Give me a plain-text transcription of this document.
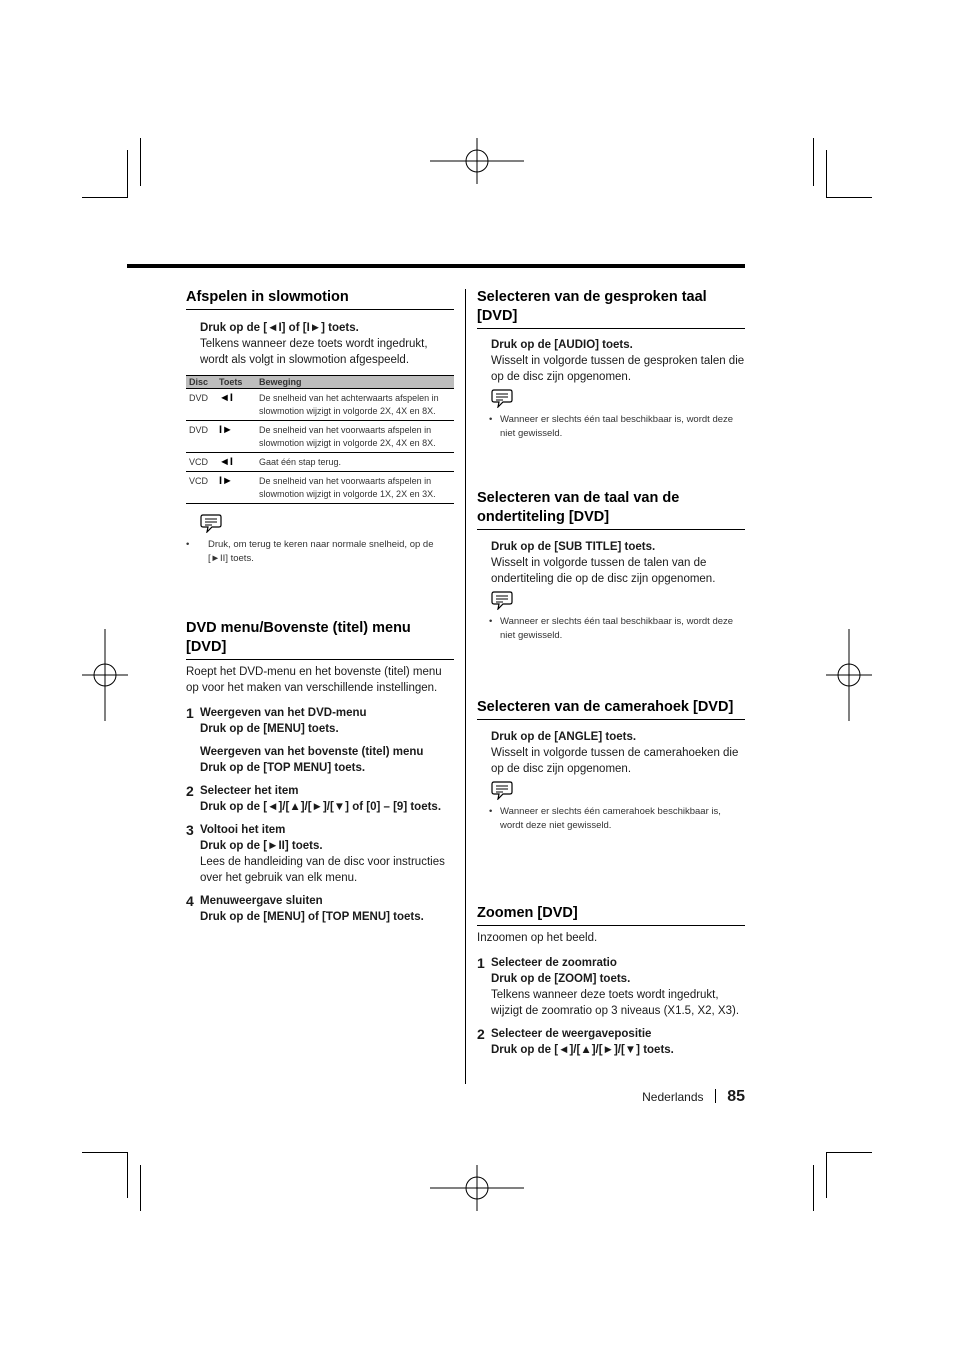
Afspelen in slowmotion
Druk op de [◄I] of [I►] toets.
Telkens wanneer deze toets wordt ingedrukt, wordt als volgt in slowmotion afgespeeld.
Disc	Toets	Beweging
DVD	◄I	De snelheid van het achterwaarts afspelen in slowmotion wijzigt in volgorde 2X, 4X en 8X.
DVD	I►	De snelheid van het voorwaarts afspelen in slowmotion wijzigt in volgorde 2X, 4X en 8X.
VCD	◄I	Gaat één stap terug.
VCD	I►	De snelheid van het voorwaarts afspelen in slowmotion wijzigt in volgorde 1X, 2X en 3X.
•	Druk, om terug te keren naar normale snelheid, op de [►II] toets.
DVD menu/Bovenste (titel) menu [DVD]
Roept het DVD-menu en het bovenste (titel) menu op voor het maken van verschillende instellingen.
1 Weergeven van het DVD-menu
Druk op de [MENU] toets.
Weergeven van het bovenste (titel) menu
Druk op de [TOP MENU] toets.
2 Selecteer het item
Druk op de [◄]/[▲]/[►]/[▼] of [0] – [9] toets.
3 Voltooi het item
Druk op de [►II] toets.
Lees de handleiding van de disc voor instructies over het gebruik van elk menu.
4 Menuweergave sluiten
Druk op de [MENU] of [TOP MENU] toets.
Selecteren van de gesproken taal [DVD]
Druk op de [AUDIO] toets.
Wisselt in volgorde tussen de gesproken talen die op de disc zijn opgenomen.
• Wanneer er slechts één taal beschikbaar is, wordt deze niet gewisseld.
Selecteren van de taal van de ondertiteling [DVD]
Druk op de [SUB TITLE] toets.
Wisselt in volgorde tussen de talen van de ondertiteling die op de disc zijn opgenomen.
• Wanneer er slechts één taal beschikbaar is, wordt deze niet gewisseld.
Selecteren van de camerahoek [DVD]
Druk op de [ANGLE] toets.
Wisselt in volgorde tussen de camerahoeken die op de disc zijn opgenomen.
• Wanneer er slechts één camerahoek beschikbaar is, wordt deze niet gewisseld.
Zoomen [DVD]
Inzoomen op het beeld.
1 Selecteer de zoomratio
Druk op de [ZOOM] toets.
Telkens wanneer deze toets wordt ingedrukt, wijzigt de zoomratio op 3 niveaus (X1.5, X2, X3).
2 Selecteer de weergavepositie
Druk op de [◄]/[▲]/[►]/[▼] toets.
Nederlands 85
